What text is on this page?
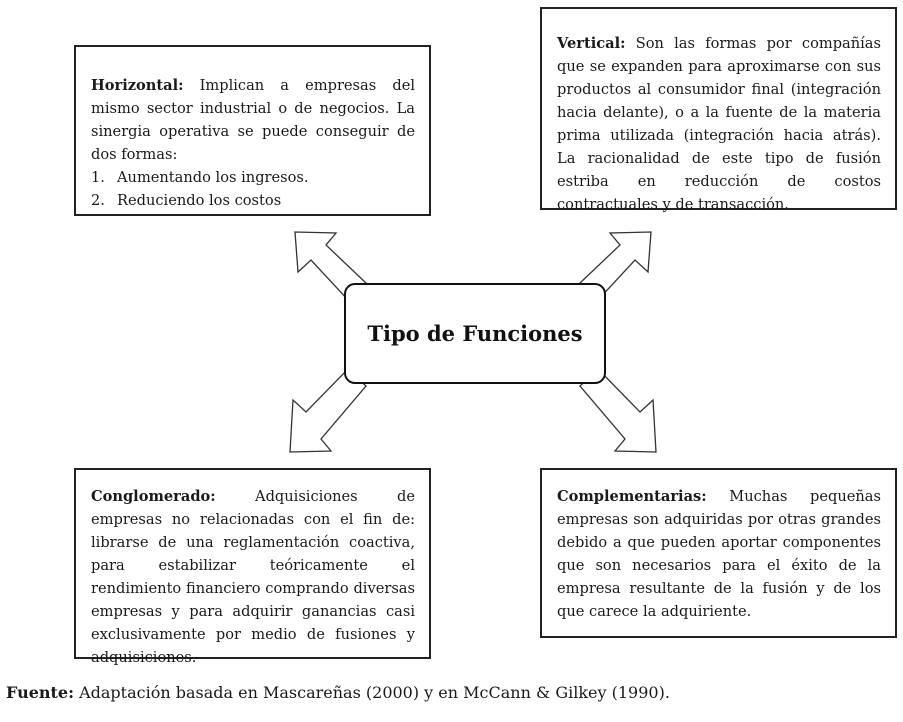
Horizontal: Implican a empresas del mismo sector industrial o de negocios. La sinergia operativa se puede conseguir de dos formas:
1. Aumentando los ingresos.
2. Reduciendo los costos
Vertical: Son las formas por compañías que se expanden para aproximarse con sus productos al consumidor final (integración hacia delante), o a la fuente de la materia prima utilizada (integración hacia atrás). La racionalidad de este tipo de fusión estriba en reducción de costos contractuales y de transacción.
Tipo de Funciones
Conglomerado:	Adquisiciones de empresas no relacionadas con el fin de: librarse de una reglamentación coactiva, para estabilizar teóricamente el rendimiento financiero comprando diversas empresas y para adquirir ganancias casi exclusivamente por medio de fusiones y adquisiciones.
Complementarias: Muchas pequeñas empresas son adquiridas por otras grandes debido a que pueden aportar componentes que son necesarios para el éxito de la empresa resultante de la fusión y de los que carece la adquiriente.
Fuente: Adaptación basada en Mascareñas (2000) y en McCann & Gilkey (1990).
